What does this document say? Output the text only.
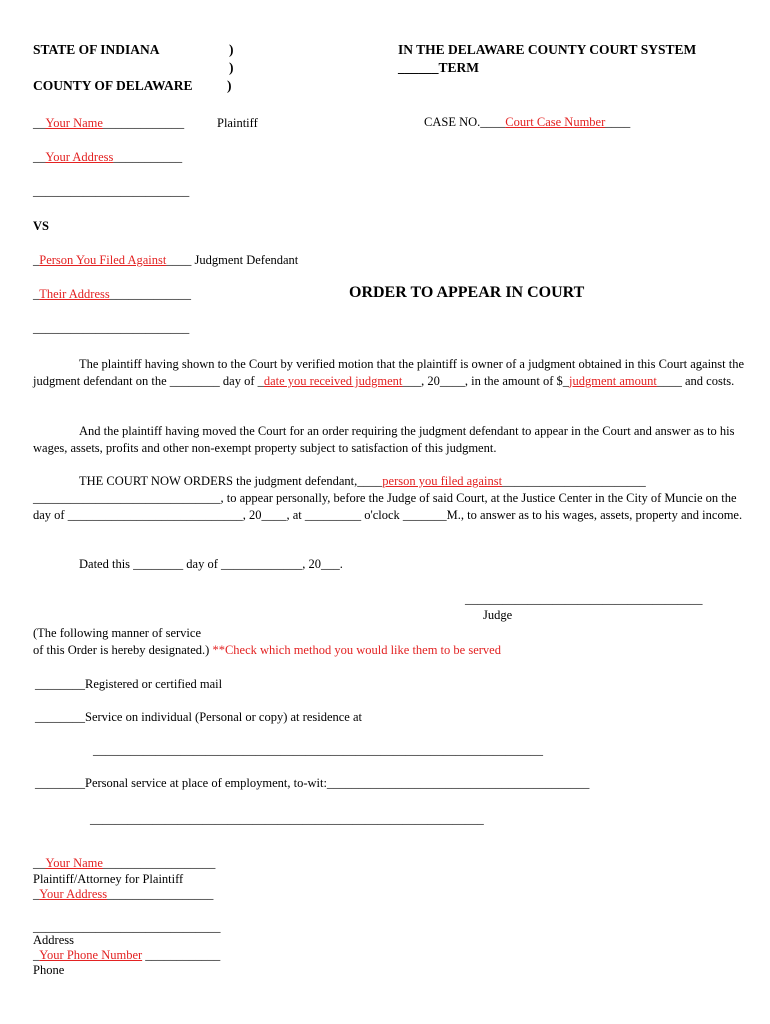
STATE OF INDIANA	)
)
COUNTY OF DELAWARE	)
IN THE DELAWARE COUNTY COURT SYSTEM
______TERM
__Your Name_____________	Plaintiff	CASE NO.____Court Case Number____
__Your Address___________
_________________________
VS
_Person You Filed Against____ Judgment Defendant
_Their Address_____________
_________________________
ORDER TO APPEAR IN COURT
The plaintiff having shown to the Court by verified motion that the plaintiff is owner of a judgment obtained in this Court against the judgment defendant on the ________ day of _date you received judgment___, 20____, in the amount of $_judgment amount____ and costs.
And the plaintiff having moved the Court for an order requiring the judgment defendant to appear in the Court and answer as to his wages, assets, profits and other non-exempt property subject to satisfaction of this judgment.
THE COURT NOW ORDERS the judgment defendant,____person you filed against_______________________ ______________________________, to appear personally, before the Judge of said Court, at the Justice Center in the City of Muncie on the day of ____________________________, 20____, at _________ o'clock _______M., to answer as to his wages, assets, property and income.
Dated this ________ day of _____________, 20___.
______________________________________
Judge
(The following manner of service
of this Order is hereby designated.) **Check which method you would like them to be served
________Registered or certified mail
________Service on individual (Personal or copy) at residence at
________________________________________________________________________
________Personal service at place of employment, to-wit:__________________________________________
_______________________________________________________________
__Your Name__________________
Plaintiff/Attorney for Plaintiff
_Your Address_________________
______________________________
Address
_Your Phone Number ____________
Phone
